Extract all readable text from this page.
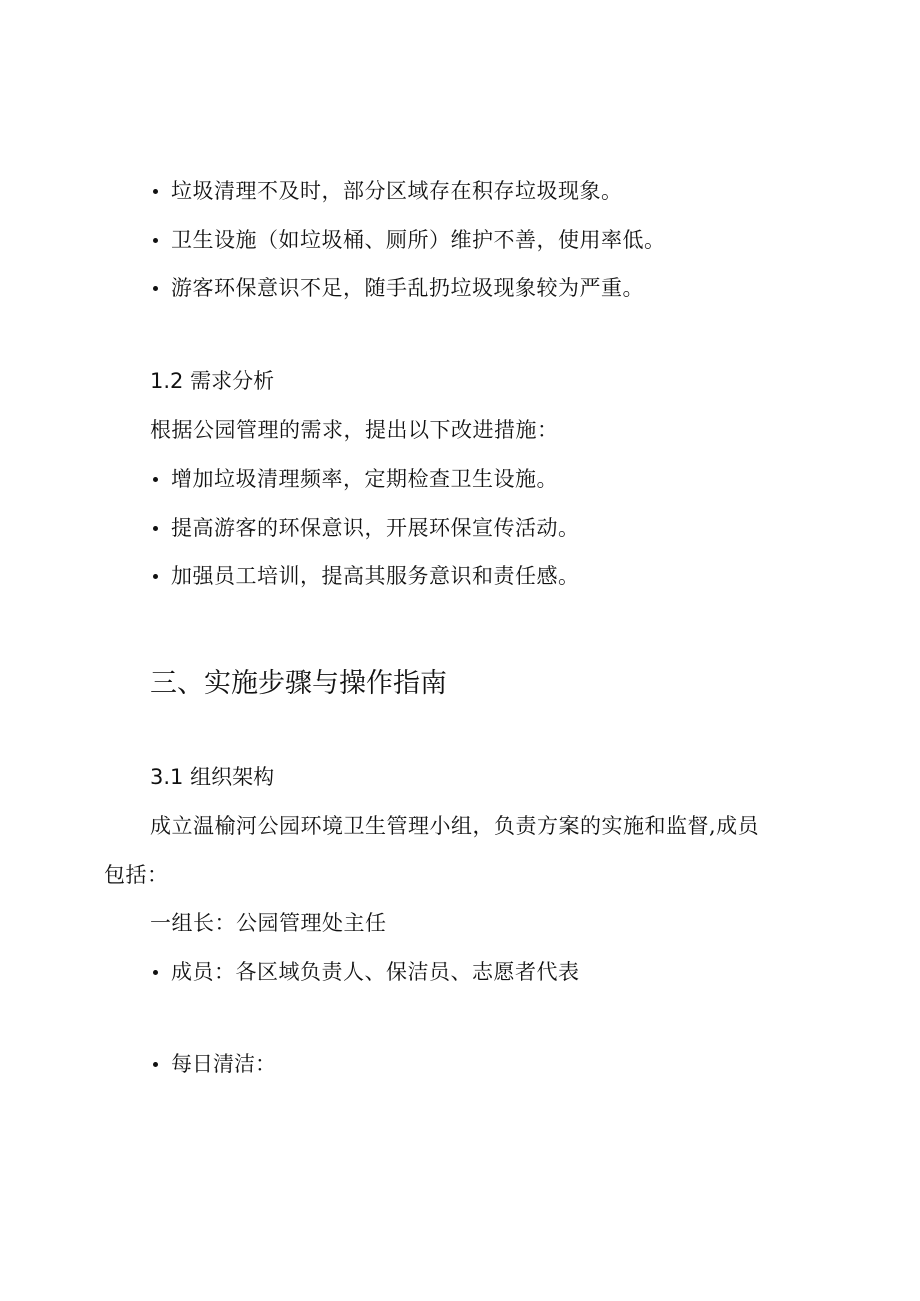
垃圾清理不及时，部分区域存在积存垃圾现象。
卫生设施（如垃圾桶、厕所）维护不善，使用率低。
游客环保意识不足，随手乱扔垃圾现象较为严重。
1.2 需求分析
根据公园管理的需求，提出以下改进措施：
增加垃圾清理频率，定期检查卫生设施。
提高游客的环保意识，开展环保宣传活动。
加强员工培训，提高其服务意识和责任感。
三、实施步骤与操作指南
3.1 组织架构
成立温榆河公园环境卫生管理小组，负责方案的实施和监督,成员
包括：
一组长：公园管理处主任
成员：各区域负责人、保洁员、志愿者代表
每日清洁：
